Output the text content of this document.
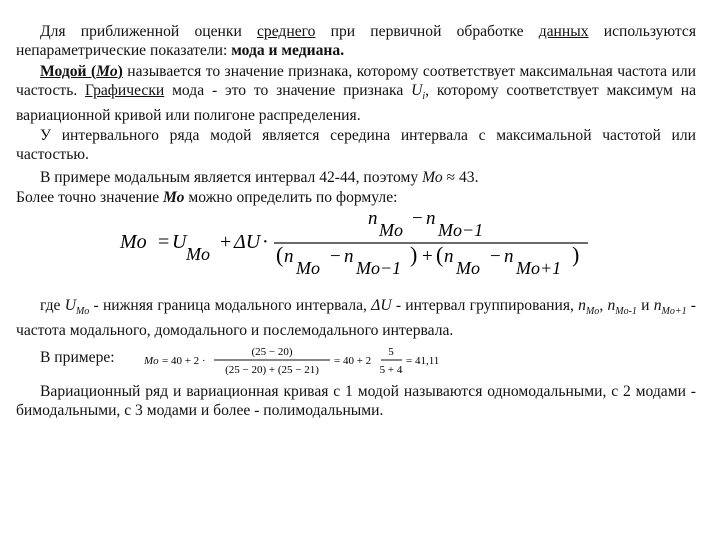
Для приближенной оценки среднего при первичной обработке данных используются непараметрические показатели: мода и медиана.
Модой (Мо) называется то значение признака, которому соответствует максимальная частота или частость. Графически мода - это то значение признака $U_i$, которому соответствует максимум на вариационной кривой или полигоне распределения.
У интервального ряда модой является середина интервала с максимальной частотой или частостью.
В примере модальным является интервал 42-44, поэтому Мо ≈ 43.
Более точно значение Мо можно определить по формуле:
Mo = U
Mo
+ ΔU ·
n
Mo
− n
Mo−1
( n
Mo
− n
Mo−1
) + ( n
Mo
− n
Mo+1
)
где $U_{Mo}$ - нижняя граница модального интервала, ΔU - интервал группирования, $n_{Mo}$, $n_{Mo-1}$ и $n_{Mo+1}$ - частота модального, домодального и послемодального интервала.
В примере:	Mo = 40 + 2 ·
(25 − 20)
(25 − 20) + (25 − 21)
= 40 + 2
5
5 + 4
= 41,11
Вариационный ряд и вариационная кривая с 1 модой называются одномодальными, с 2 модами - бимодальными, с 3 модами и более - полимодальными.
